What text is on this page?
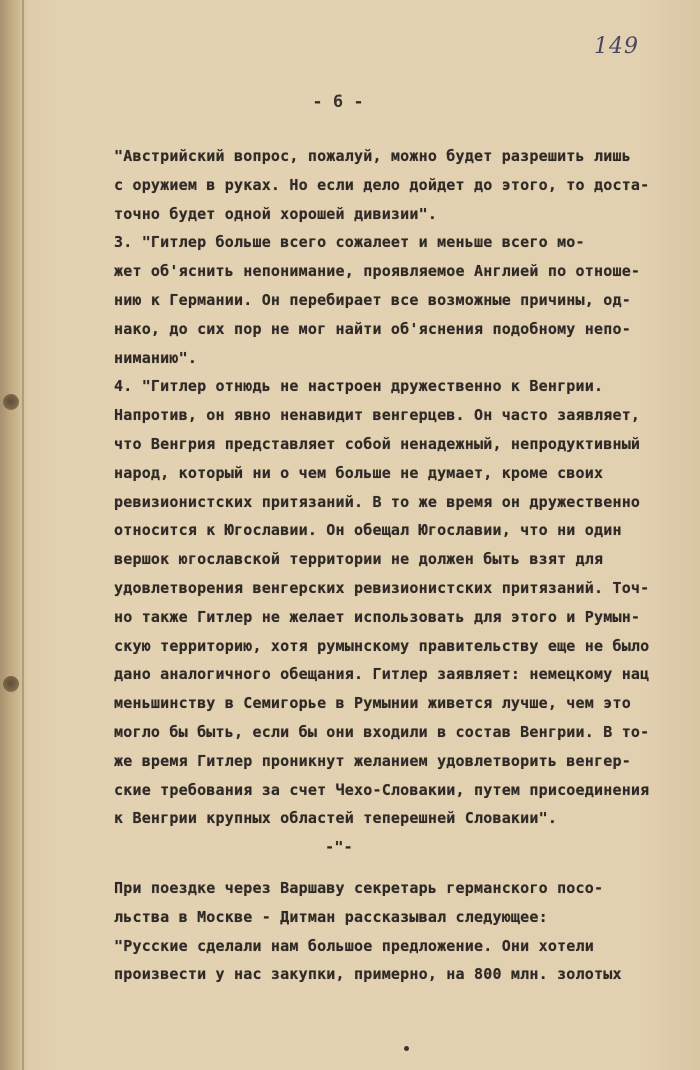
149
- 6 -
"Австрийский вопрос, пожалуй, можно будет разрешить лишь
с оружием в руках. Но если дело дойдет до этого, то доста-
точно будет одной хорошей дивизии".
3. "Гитлер больше всего сожалеет и меньше всего мо-
жет об'яснить непонимание, проявляемое Англией по отноше-
нию к Германии. Он перебирает все возможные причины, од-
нако, до сих пор не мог найти об'яснения подобному непо-
ниманию".
4. "Гитлер отнюдь не настроен дружественно к Венгрии.
Напротив, он явно ненавидит венгерцев. Он часто заявляет,
что Венгрия представляет собой ненадежный, непродуктивный
народ, который ни о чем больше не думает, кроме своих
ревизионистских притязаний. В то же время он дружественно
относится к Югославии. Он обещал Югославии, что ни один
вершок югославской территории не должен быть взят для
удовлетворения венгерских ревизионистских притязаний. Точ-
но также Гитлер не желает использовать для этого и Румын-
скую территорию, хотя румынскому правительству еще не было
дано аналогичного обещания. Гитлер заявляет: немецкому нац
меньшинству в Семигорье в Румынии живется лучше, чем это
могло бы быть, если бы они входили в состав Венгрии. В то-
же время Гитлер проникнут желанием удовлетворить венгер-
ские требования за счет Чехо-Словакии, путем присоединения
к Венгрии крупных областей теперешней Словакии".
-"-
При поездке через Варшаву секретарь германского посо-
льства в Москве - Дитман рассказывал следующее:
"Русские сделали нам большое предложение. Они хотели
произвести у нас закупки, примерно, на 800 млн. золотых
